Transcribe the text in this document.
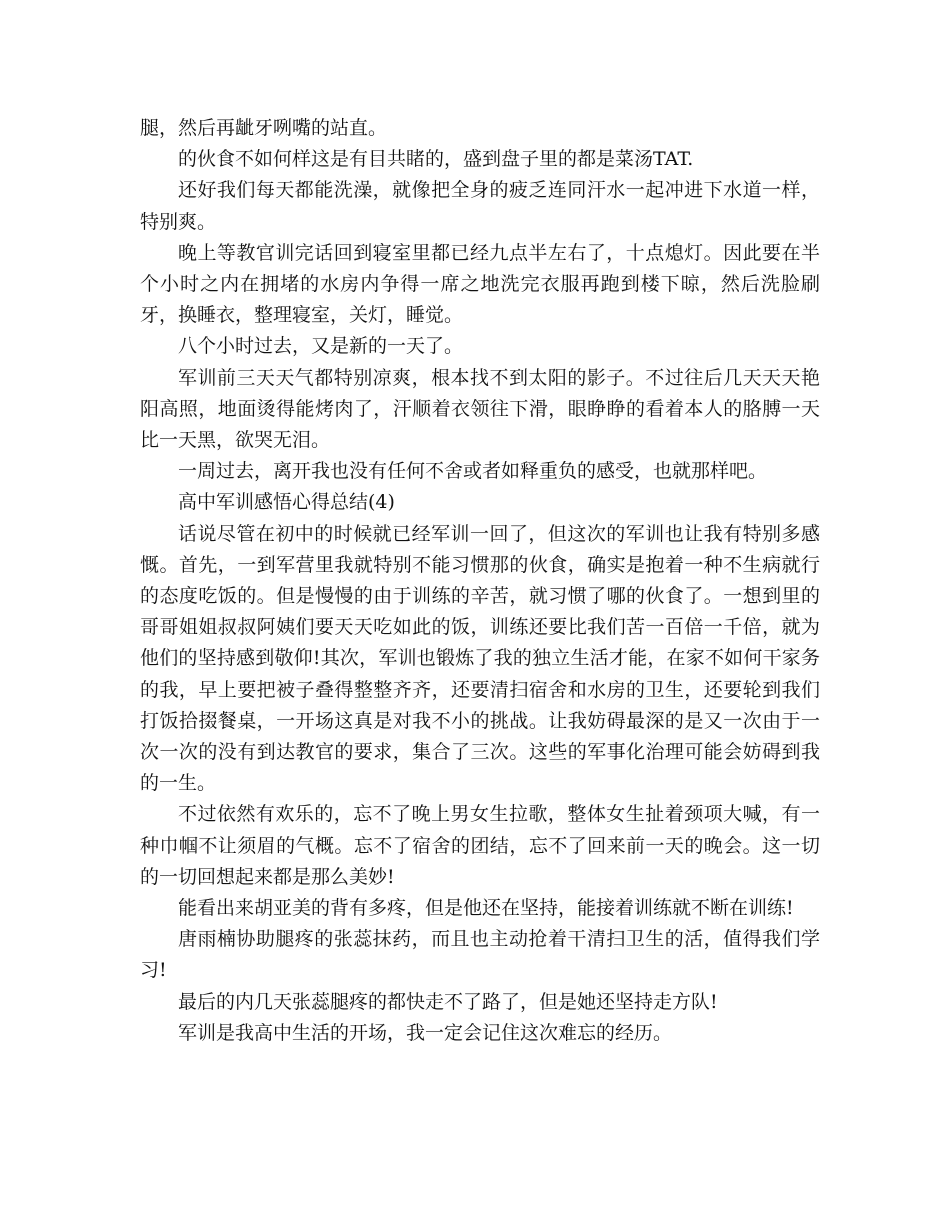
腿，然后再龇牙咧嘴的站直。

的伙食不如何样这是有目共睹的，盛到盘子里的都是菜汤TAT.

还好我们每天都能洗澡，就像把全身的疲乏连同汗水一起冲进下水道一样，特别爽。

晚上等教官训完话回到寝室里都已经九点半左右了，十点熄灯。因此要在半个小时之内在拥堵的水房内争得一席之地洗完衣服再跑到楼下晾，然后洗脸刷牙，换睡衣，整理寝室，关灯，睡觉。

八个小时过去，又是新的一天了。

军训前三天天气都特别凉爽，根本找不到太阳的影子。不过往后几天天天艳阳高照，地面烫得能烤肉了，汗顺着衣领往下滑，眼睁睁的看着本人的胳膊一天比一天黑，欲哭无泪。

一周过去，离开我也没有任何不舍或者如释重负的感受，也就那样吧。

高中军训感悟心得总结(4)

话说尽管在初中的时候就已经军训一回了，但这次的军训也让我有特别多感慨。首先，一到军营里我就特别不能习惯那的伙食，确实是抱着一种不生病就行的态度吃饭的。但是慢慢的由于训练的辛苦，就习惯了哪的伙食了。一想到里的哥哥姐姐叔叔阿姨们要天天吃如此的饭，训练还要比我们苦一百倍一千倍，就为他们的坚持感到敬仰!其次，军训也锻炼了我的独立生活才能，在家不如何干家务的我，早上要把被子叠得整整齐齐，还要清扫宿舍和水房的卫生，还要轮到我们打饭拾掇餐桌，一开场这真是对我不小的挑战。让我妨碍最深的是又一次由于一次一次的没有到达教官的要求，集合了三次。这些的军事化治理可能会妨碍到我的一生。

不过依然有欢乐的，忘不了晚上男女生拉歌，整体女生扯着颈项大喊，有一种巾帼不让须眉的气概。忘不了宿舍的团结，忘不了回来前一天的晚会。这一切的一切回想起来都是那么美妙!

能看出来胡亚美的背有多疼，但是他还在坚持，能接着训练就不断在训练!

唐雨楠协助腿疼的张蕊抹药，而且也主动抢着干清扫卫生的活，值得我们学习!

最后的内几天张蕊腿疼的都快走不了路了，但是她还坚持走方队!

军训是我高中生活的开场，我一定会记住这次难忘的经历。
